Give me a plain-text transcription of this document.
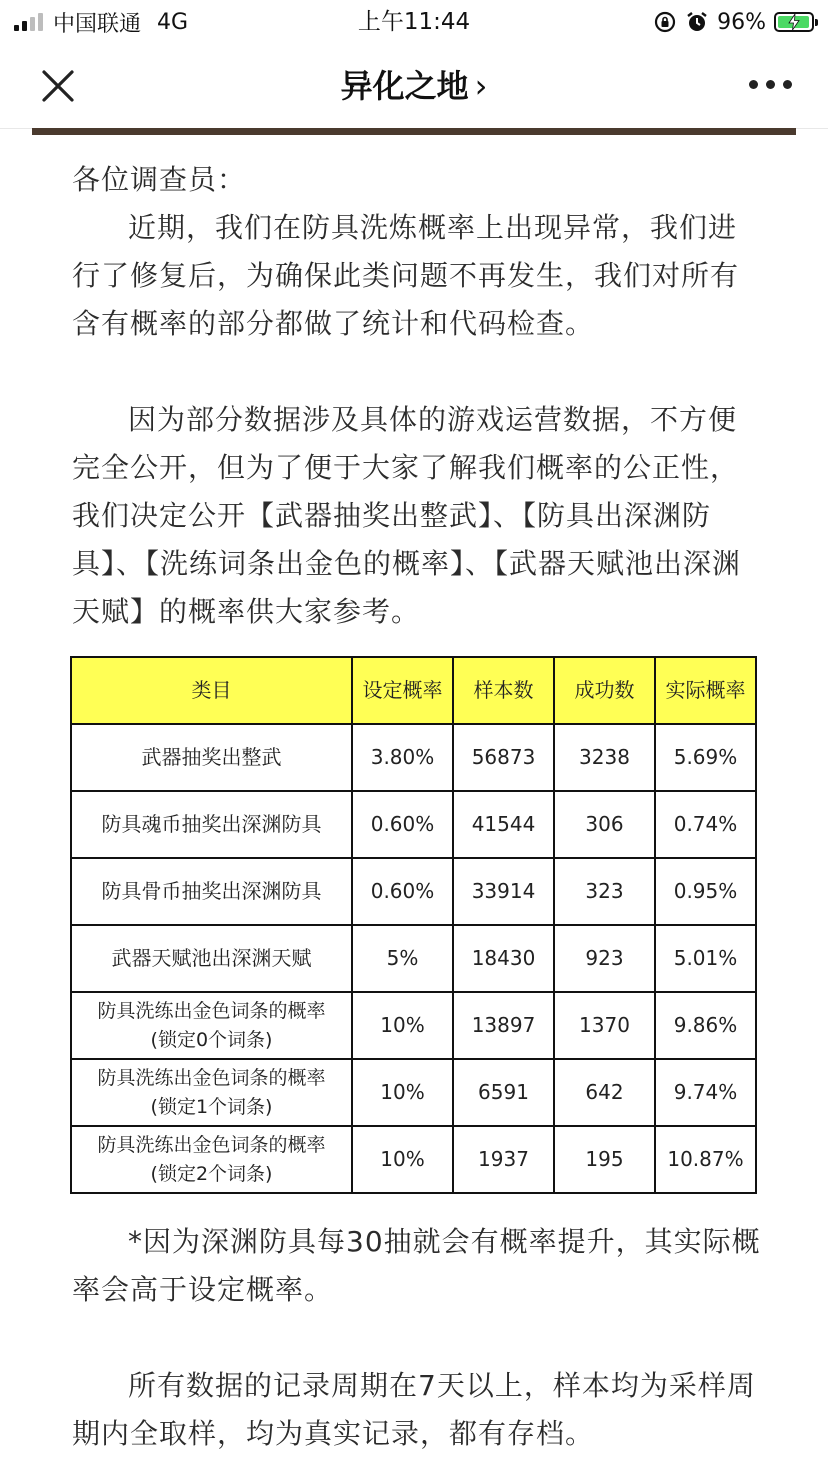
中国联通 4G	上午11:44	96%
异化之地 ›
各位调查员：
近期，我们在防具洗炼概率上出现异常，我们进行了修复后，为确保此类问题不再发生，我们对所有含有概率的部分都做了统计和代码检查。
因为部分数据涉及具体的游戏运营数据，不方便完全公开，但为了便于大家了解我们概率的公正性，我们决定公开【武器抽奖出整武】、【防具出深渊防具】、【洗练词条出金色的概率】、【武器天赋池出深渊天赋】的概率供大家参考。
类目	设定概率	样本数	成功数	实际概率

武器抽奖出整武	3.80%	56873	3238	5.69%

防具魂币抽奖出深渊防具	0.60%	41544	306	0.74%

防具骨币抽奖出深渊防具	0.60%	33914	323	0.95%

武器天赋池出深渊天赋	5%	18430	923	5.01%

防具洗练出金色词条的概率
(锁定0个词条)	10%	13897	1370	9.86%

防具洗练出金色词条的概率
(锁定1个词条)	10%	6591	642	9.74%

防具洗练出金色词条的概率
(锁定2个词条)	10%	1937	195	10.87%
*因为深渊防具每30抽就会有概率提升，其实际概率会高于设定概率。
所有数据的记录周期在7天以上，样本均为采样周期内全取样，均为真实记录，都有存档。
